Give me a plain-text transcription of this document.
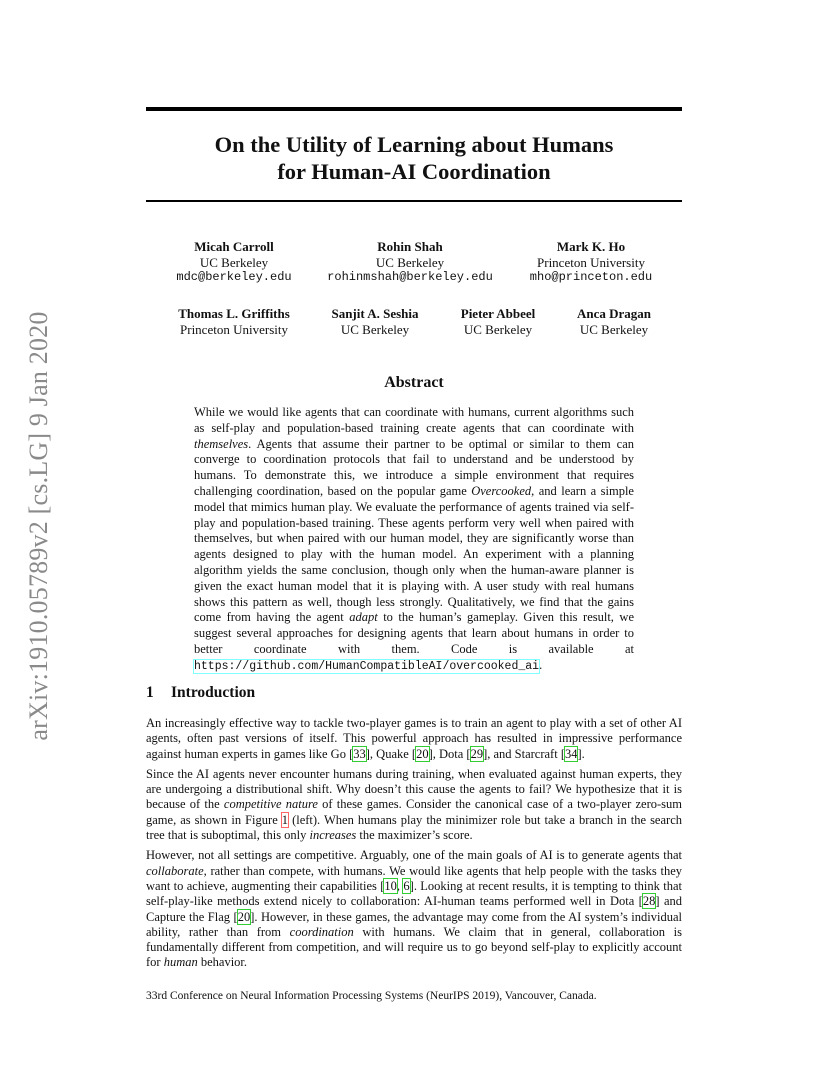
arXiv:1910.05789v2 [cs.LG] 9 Jan 2020
On the Utility of Learning about Humans
for Human-AI Coordination
Micah Carroll
UC Berkeley
mdc@berkeley.edu
Rohin Shah
UC Berkeley
rohinmshah@berkeley.edu
Mark K. Ho
Princeton University
mho@princeton.edu
Thomas L. Griffiths
Princeton University
Sanjit A. Seshia
UC Berkeley
Pieter Abbeel
UC Berkeley
Anca Dragan
UC Berkeley
Abstract

While we would like agents that can coordinate with humans, current algorithms such as self-play and population-based training create agents that can coordinate with themselves. Agents that assume their partner to be optimal or similar to them can converge to coordination protocols that fail to understand and be understood by humans. To demonstrate this, we introduce a simple environment that requires challenging coordination, based on the popular game Overcooked, and learn a simple model that mimics human play. We evaluate the performance of agents trained via self-play and population-based training. These agents perform very well when paired with themselves, but when paired with our human model, they are significantly worse than agents designed to play with the human model. An experiment with a planning algorithm yields the same conclusion, though only when the human-aware planner is given the exact human model that it is playing with. A user study with real humans shows this pattern as well, though less strongly. Qualitatively, we find that the gains come from having the agent adapt to the human’s gameplay. Given this result, we suggest several approaches for designing agents that learn about humans in order to better coordinate with them. Code is available at https://github.com/HumanCompatibleAI/overcooked_ai.

1 Introduction

An increasingly effective way to tackle two-player games is to train an agent to play with a set of other AI agents, often past versions of itself. This powerful approach has resulted in impressive performance against human experts in games like Go [33], Quake [20], Dota [29], and Starcraft [34].

Since the AI agents never encounter humans during training, when evaluated against human experts, they are undergoing a distributional shift. Why doesn’t this cause the agents to fail? We hypothesize that it is because of the competitive nature of these games. Consider the canonical case of a two-player zero-sum game, as shown in Figure 1 (left). When humans play the minimizer role but take a branch in the search tree that is suboptimal, this only increases the maximizer’s score.

However, not all settings are competitive. Arguably, one of the main goals of AI is to generate agents that collaborate, rather than compete, with humans. We would like agents that help people with the tasks they want to achieve, augmenting their capabilities [10, 6]. Looking at recent results, it is tempting to think that self-play-like methods extend nicely to collaboration: AI-human teams performed well in Dota [28] and Capture the Flag [20]. However, in these games, the advantage may come from the AI system’s individual ability, rather than from coordination with humans. We claim that in general, collaboration is fundamentally different from competition, and will require us to go beyond self-play to explicitly account for human behavior.

33rd Conference on Neural Information Processing Systems (NeurIPS 2019), Vancouver, Canada.
